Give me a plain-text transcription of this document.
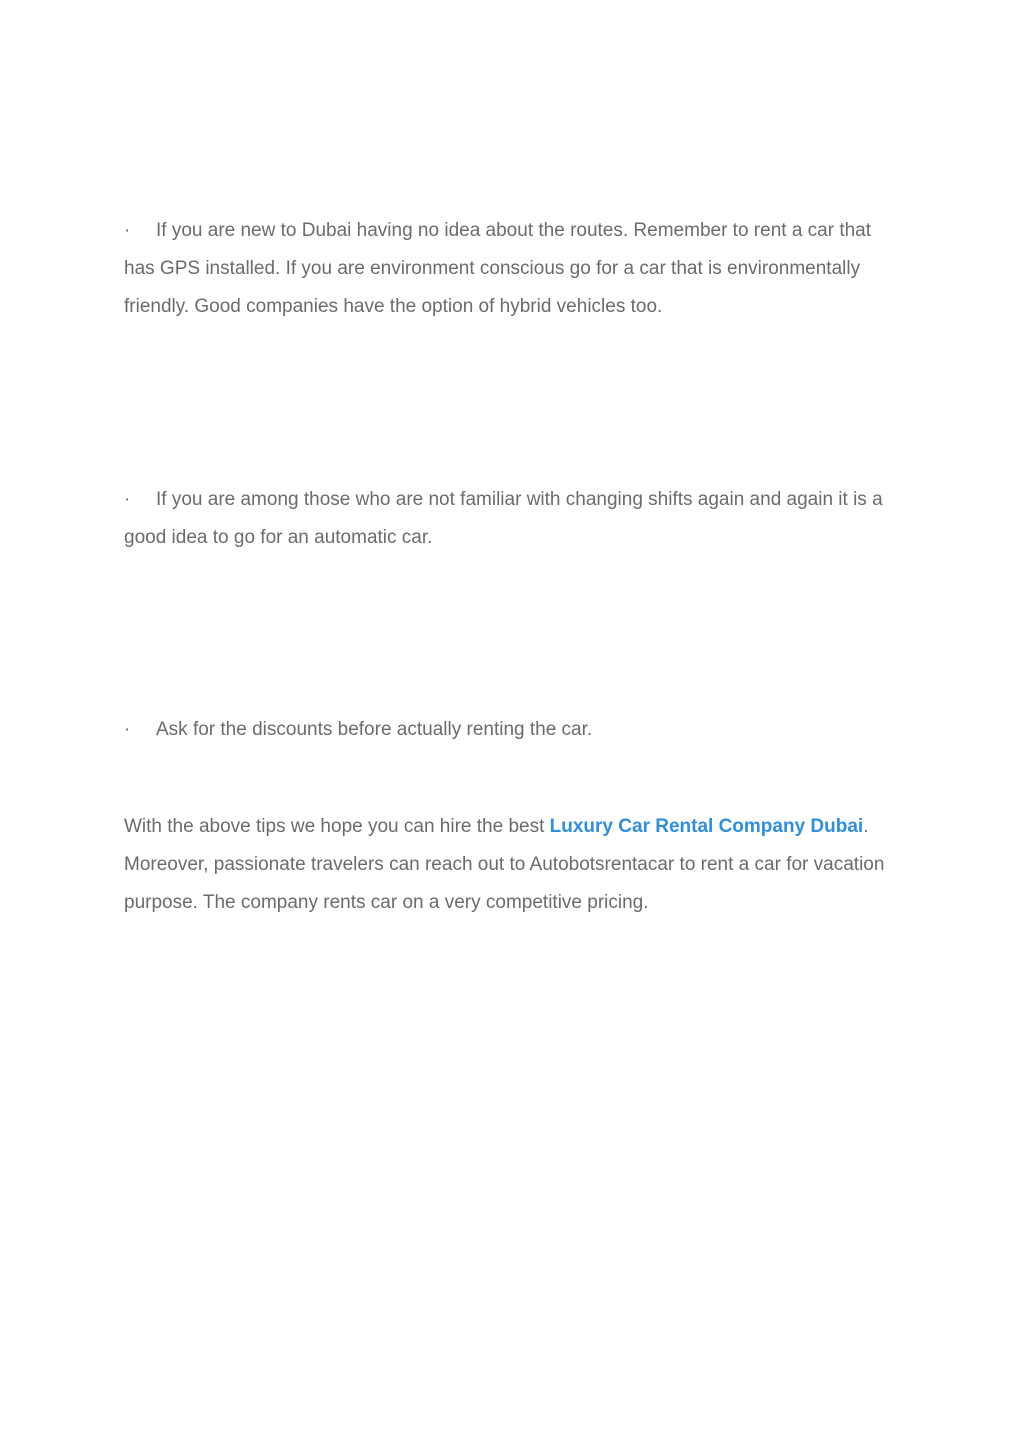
· If you are new to Dubai having no idea about the routes. Remember to rent a car that has GPS installed. If you are environment conscious go for a car that is environmentally friendly. Good companies have the option of hybrid vehicles too.
· If you are among those who are not familiar with changing shifts again and again it is a good idea to go for an automatic car.
· Ask for the discounts before actually renting the car.
With the above tips we hope you can hire the best Luxury Car Rental Company Dubai. Moreover, passionate travelers can reach out to Autobotsrentacar to rent a car for vacation purpose. The company rents car on a very competitive pricing.
